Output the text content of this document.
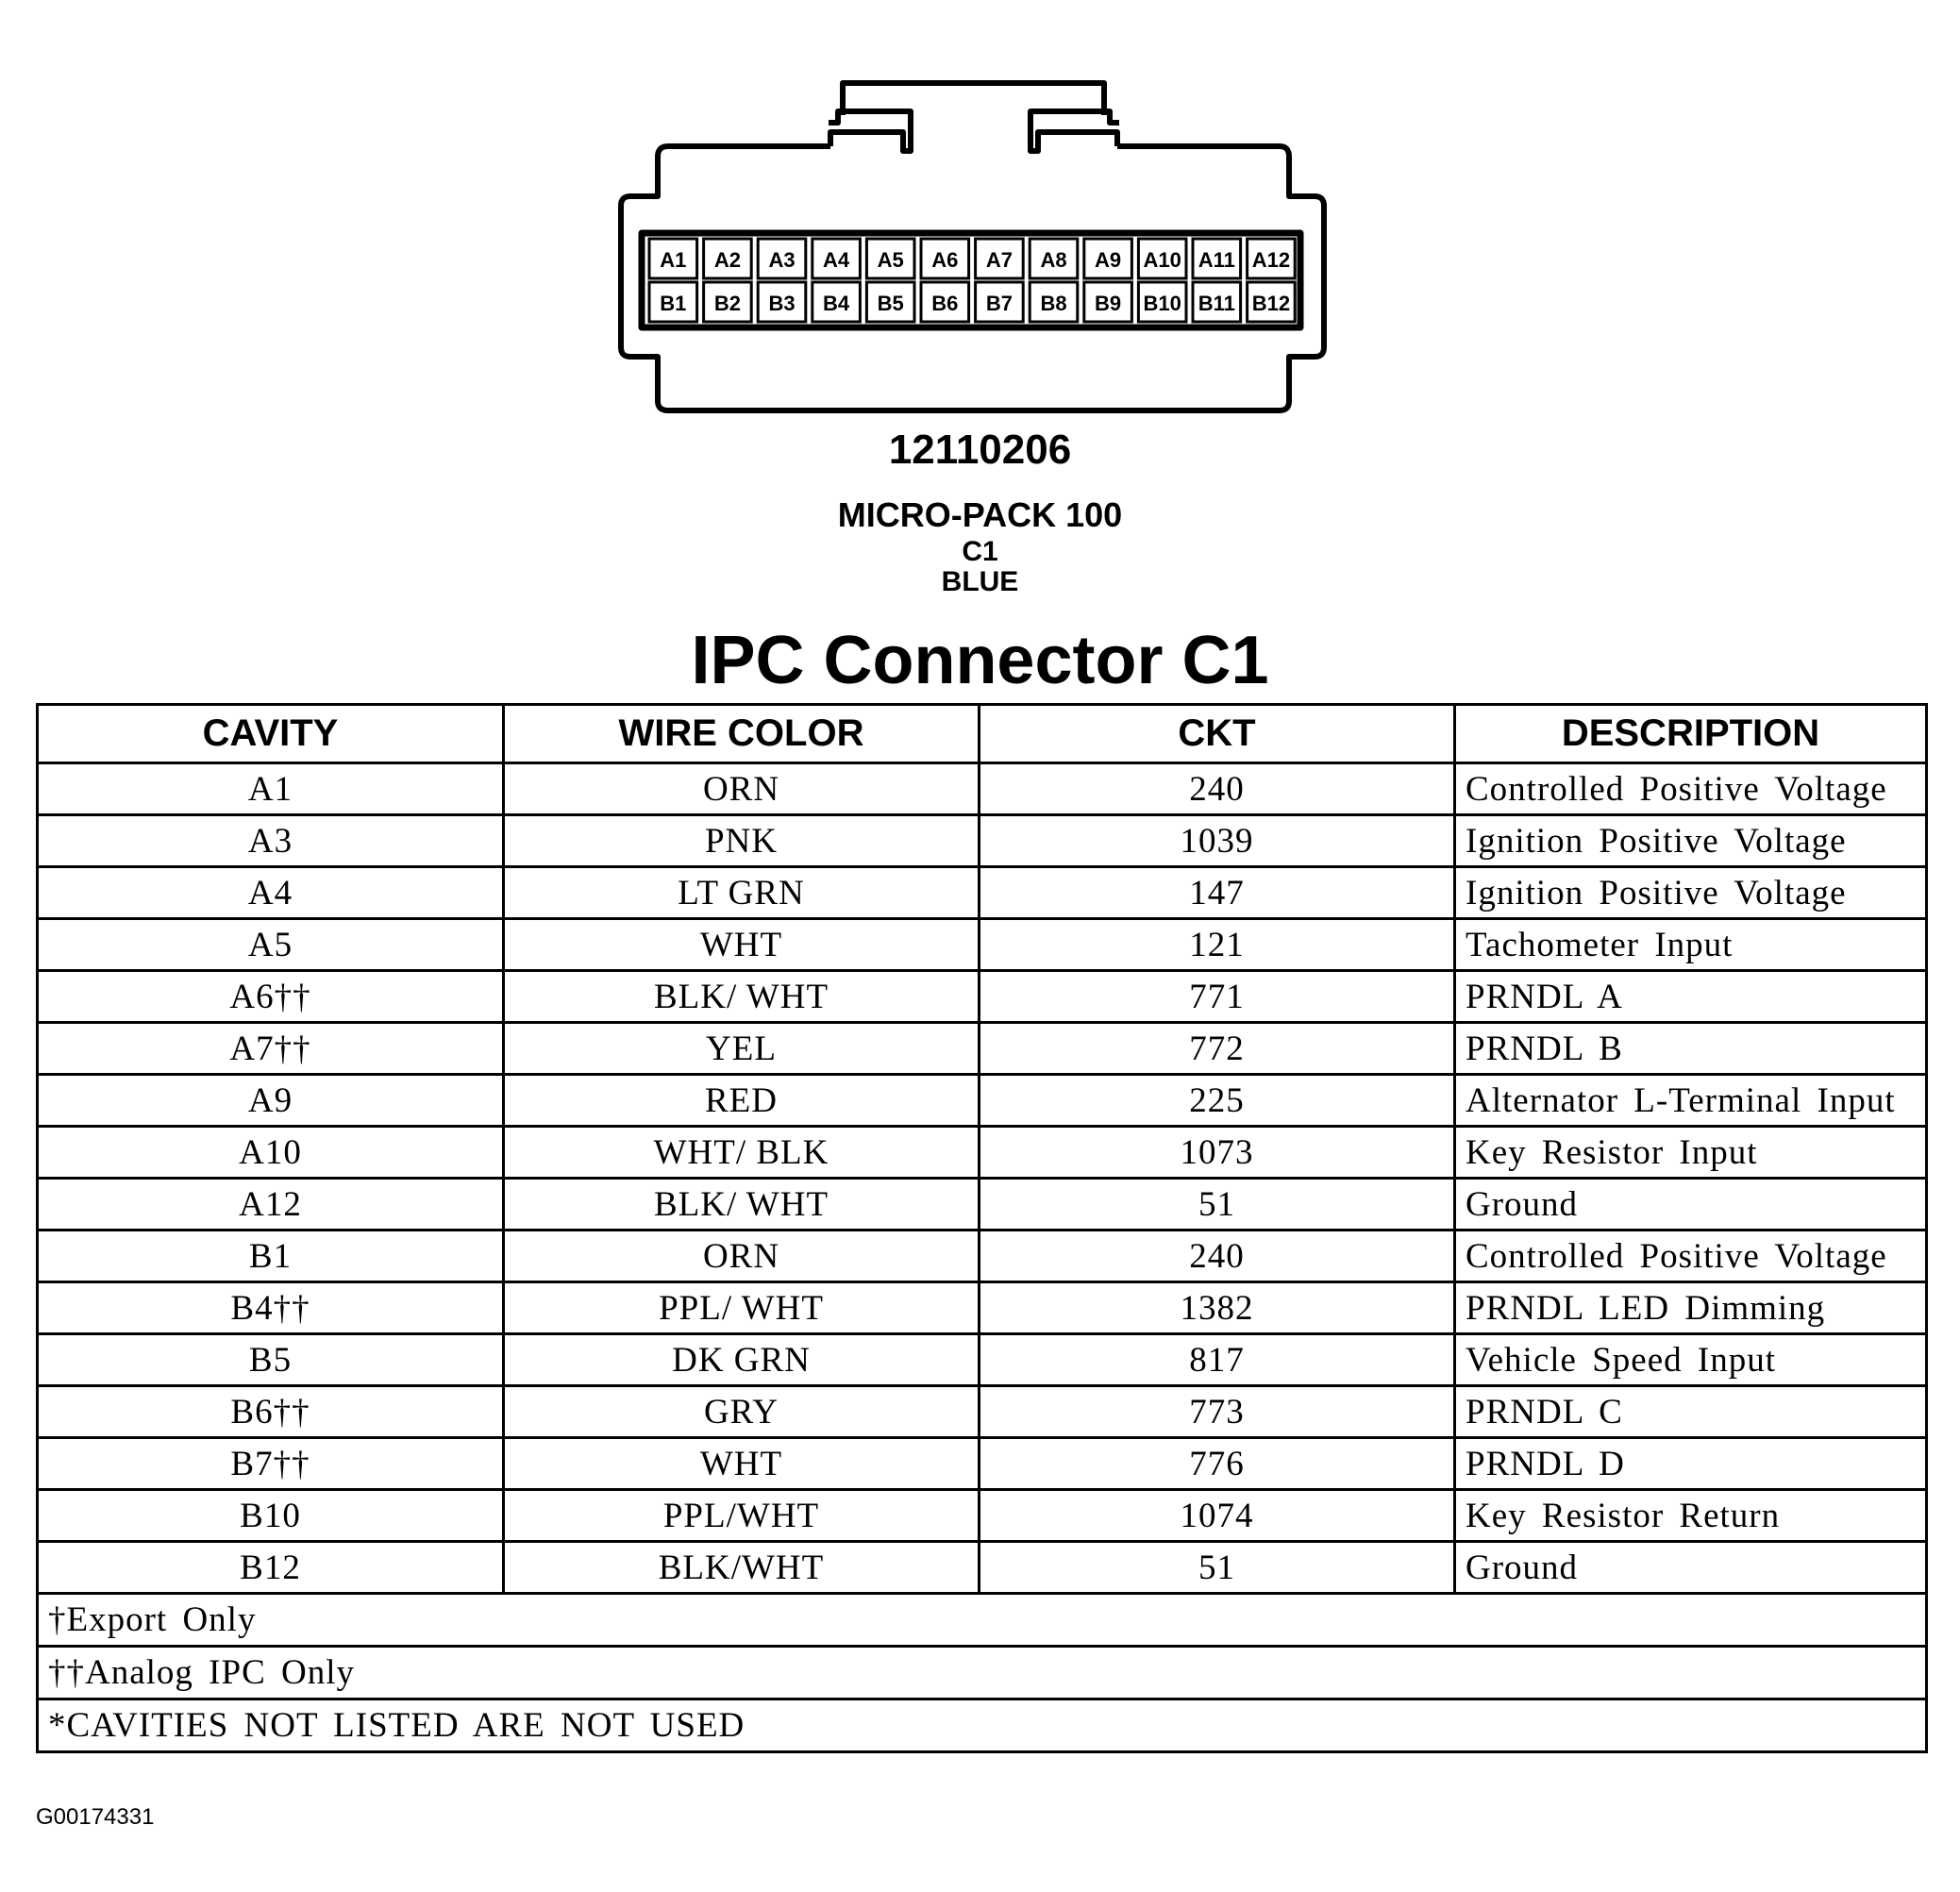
A1 A2 A3 A4 A5 A6 A7 A8 A9 A10 A11 A12
B1 B2 B3 B4 B5 B6 B7 B8 B9 B10 B11 B12
12110206
MICRO-PACK 100
C1
BLUE
IPC Connector C1
CAVITY	WIRE COLOR	CKT	DESCRIPTION
A1	ORN	240	Controlled Positive Voltage
A3	PNK	1039	Ignition Positive Voltage
A4	LT GRN	147	Ignition Positive Voltage
A5	WHT	121	Tachometer Input
A6††	BLK/ WHT	771	PRNDL A
A7††	YEL	772	PRNDL B
A9	RED	225	Alternator L-Terminal Input
A10	WHT/ BLK	1073	Key Resistor Input
A12	BLK/ WHT	51	Ground
B1	ORN	240	Controlled Positive Voltage
B4††	PPL/ WHT	1382	PRNDL LED Dimming
B5	DK GRN	817	Vehicle Speed Input
B6††	GRY	773	PRNDL C
B7††	WHT	776	PRNDL D
B10	PPL/WHT	1074	Key Resistor Return
B12	BLK/WHT	51	Ground
†Export Only			
††Analog IPC Only			
*CAVITIES NOT LISTED ARE NOT USED			
G00174331
